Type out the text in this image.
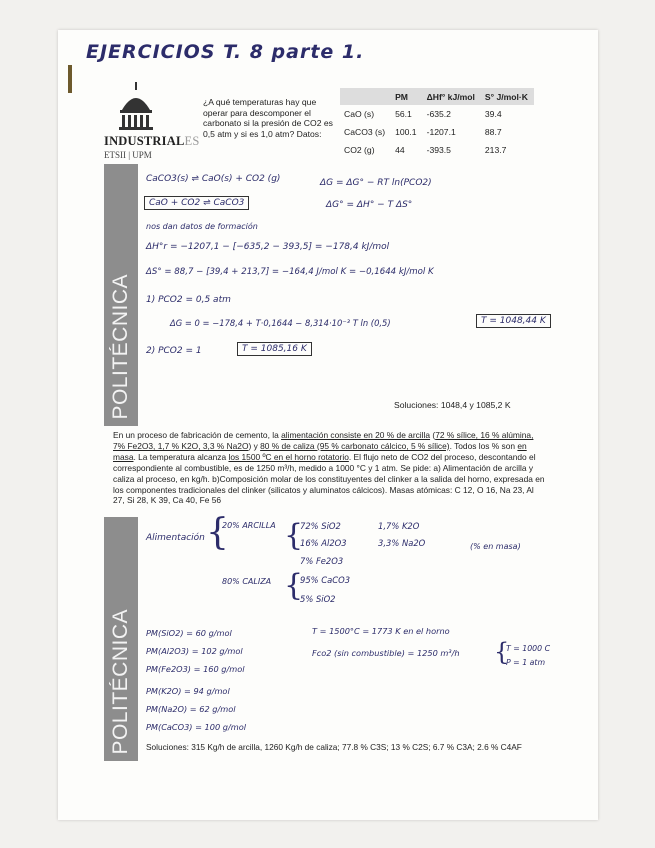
EJERCICIOS T. 8 parte 1.
INDUSTRIALES
ETSII | UPM
¿A qué temperaturas hay que operar para descomponer el carbonato si la presión de CO2 es 0,5 atm y si es 1,0 atm? Datos:
	PM	ΔHf° kJ/mol	S° J/mol·K
CaO (s)	56.1	-635.2	39.4
CaCO3 (s)	100.1	-1207.1	88.7
CO2 (g)	44	-393.5	213.7
POLITÉCNICA
CaCO3(s) ⇌ CaO(s) + CO2 (g)	ΔG = ΔG° − RT ln(PCO2)
CaO + CO2 ⇌ CaCO3	ΔG° = ΔH° − T ΔS°
nos dan datos de formación
ΔH°r = −1207,1 − [−635,2 − 393,5] = −178,4 kJ/mol
ΔS° = 88,7 − [39,4 + 213,7] = −164,4 J/mol K = −0,1644 kJ/mol K
1) PCO2 = 0,5 atm
ΔG = 0 = −178,4 + T·0,1644 − 8,314·10⁻³ T ln (0,5)	T = 1048,44 K
2) PCO2 = 1	T = 1085,16 K
Soluciones: 1048,4 y 1085,2 K
En un proceso de fabricación de cemento, la alimentación consiste en 20 % de arcilla (72 % sílice, 16 % alúmina, 7% Fe2O3, 1,7 % K2O, 3,3 % Na2O) y 80 % de caliza (95 % carbonato cálcico, 5 % sílice). Todos los % son en masa. La temperatura alcanza los 1500 ºC en el horno rotatorio. El flujo neto de CO2 del proceso, descontando el correspondiente al combustible, es de 1250 m³/h, medido a 1000 °C y 1 atm. Se pide: a) Alimentación de arcilla y caliza al proceso, en kg/h. b)Composición molar de los constituyentes del clinker a la salida del horno, expresada en los componentes tradicionales del clinker (silicatos y aluminatos cálcicos). Masas atómicas: C 12, O 16, Na 23, Al 27, Si 28, K 39, Ca 40, Fe 56
POLITÉCNICA
Alimentación {
20% ARCILLA {
72% SiO2
16% Al2O3
7% Fe2O3
1,7% K2O
3,3% Na2O	(% en masa)
80% CALIZA {
95% CaCO3
5% SiO2
PM(SiO2) = 60 g/mol
PM(Al2O3) = 102 g/mol
PM(Fe2O3) = 160 g/mol
PM(K2O) = 94 g/mol
PM(Na2O) = 62 g/mol
PM(CaCO3) = 100 g/mol
T = 1500°C = 1773 K en el horno
Fco2 (sin combustible) = 1250 m³/h {
T = 1000 C
P = 1 atm
Soluciones: 315 Kg/h de arcilla, 1260 Kg/h de caliza; 77.8 % C3S; 13 % C2S; 6.7 % C3A; 2.6 % C4AF
